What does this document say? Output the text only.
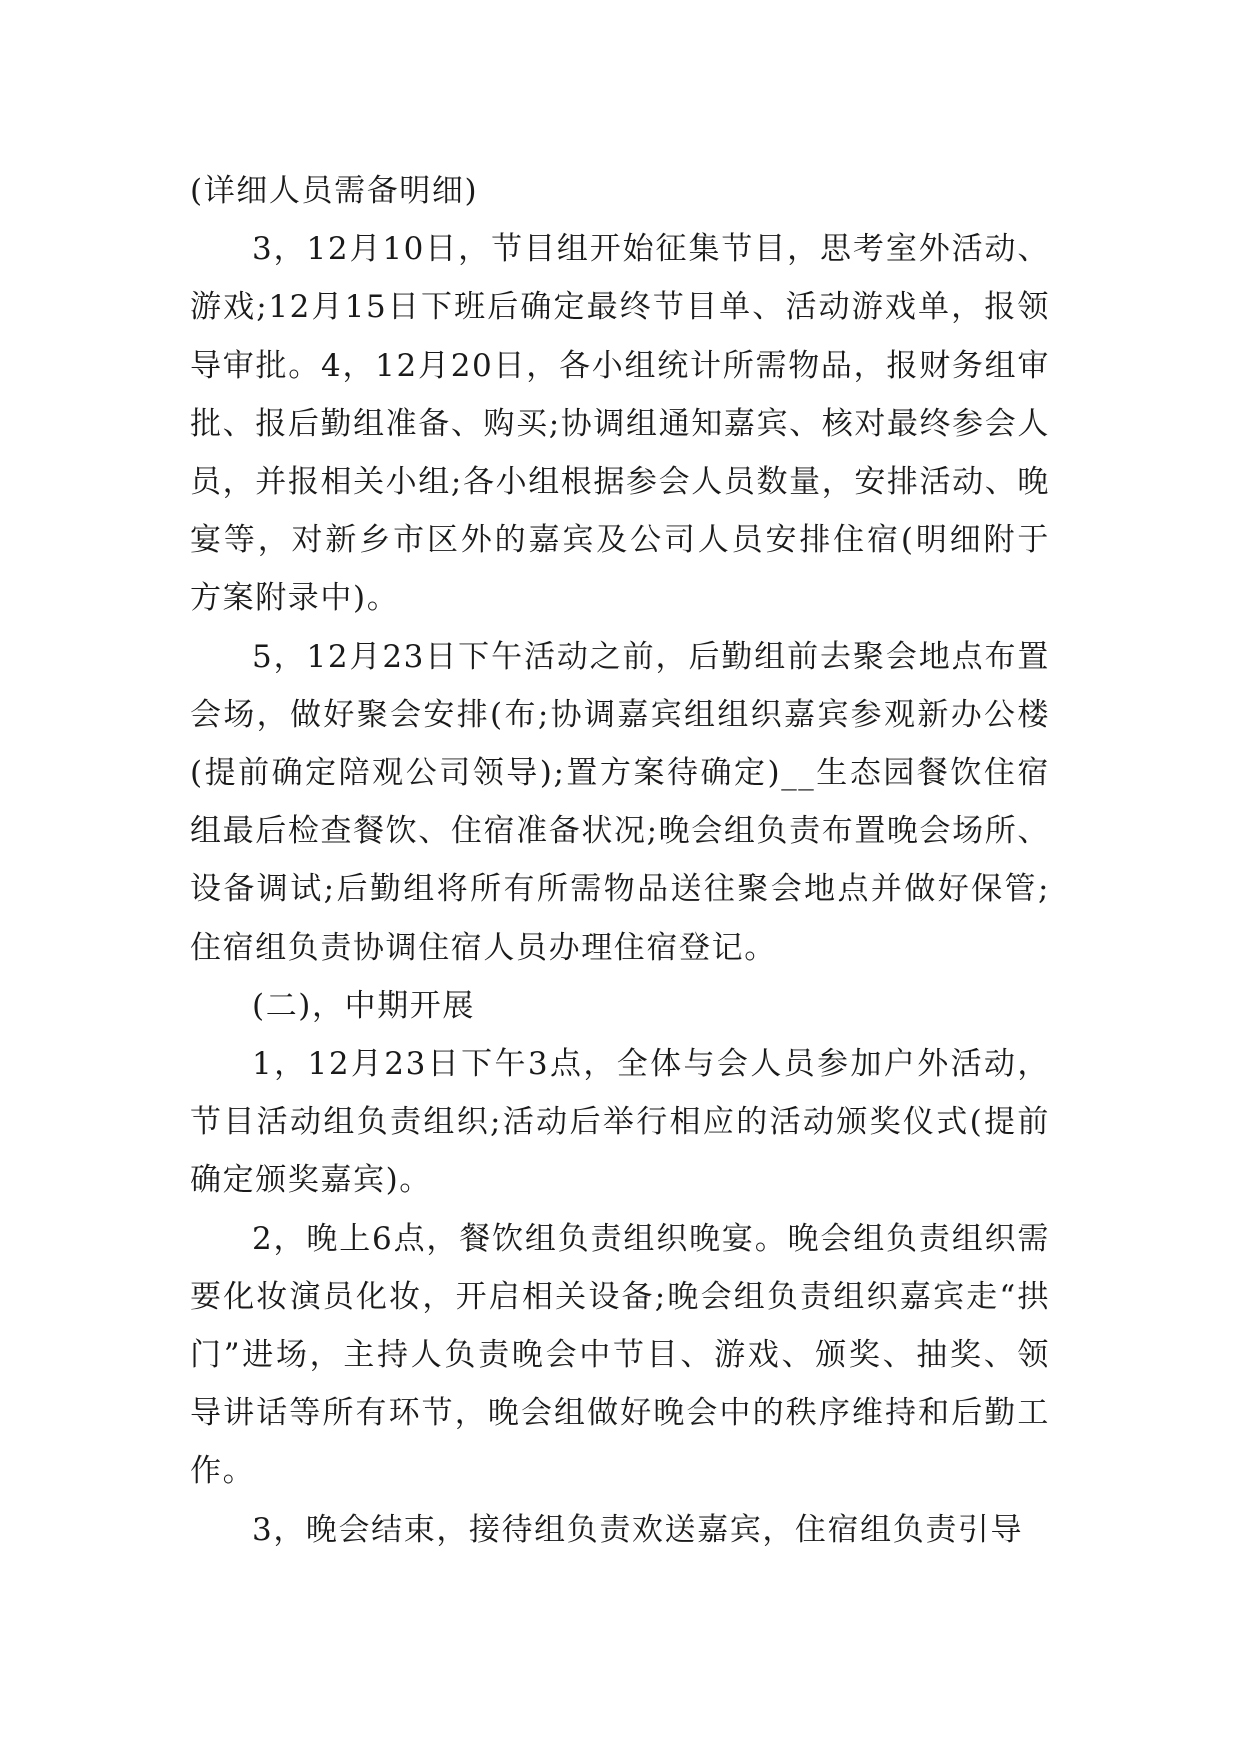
(详细人员需备明细)

3，12月10日，节目组开始征集节目，思考室外活动、游戏;12月15日下班后确定最终节目单、活动游戏单，报领导审批。4，12月20日，各小组统计所需物品，报财务组审批、报后勤组准备、购买;协调组通知嘉宾、核对最终参会人员，并报相关小组;各小组根据参会人员数量，安排活动、晚宴等，对新乡市区外的嘉宾及公司人员安排住宿(明细附于方案附录中)。

5，12月23日下午活动之前，后勤组前去聚会地点布置会场，做好聚会安排(布;协调嘉宾组组织嘉宾参观新办公楼(提前确定陪观公司领导);置方案待确定)__生态园餐饮住宿组最后检查餐饮、住宿准备状况;晚会组负责布置晚会场所、设备调试;后勤组将所有所需物品送往聚会地点并做好保管;住宿组负责协调住宿人员办理住宿登记。

(二)，中期开展

1，12月23日下午3点，全体与会人员参加户外活动，节目活动组负责组织;活动后举行相应的活动颁奖仪式(提前确定颁奖嘉宾)。

2，晚上6点，餐饮组负责组织晚宴。晚会组负责组织需要化妆演员化妆，开启相关设备;晚会组负责组织嘉宾走“拱门”进场，主持人负责晚会中节目、游戏、颁奖、抽奖、领导讲话等所有环节，晚会组做好晚会中的秩序维持和后勤工作。

3，晚会结束，接待组负责欢送嘉宾，住宿组负责引导
